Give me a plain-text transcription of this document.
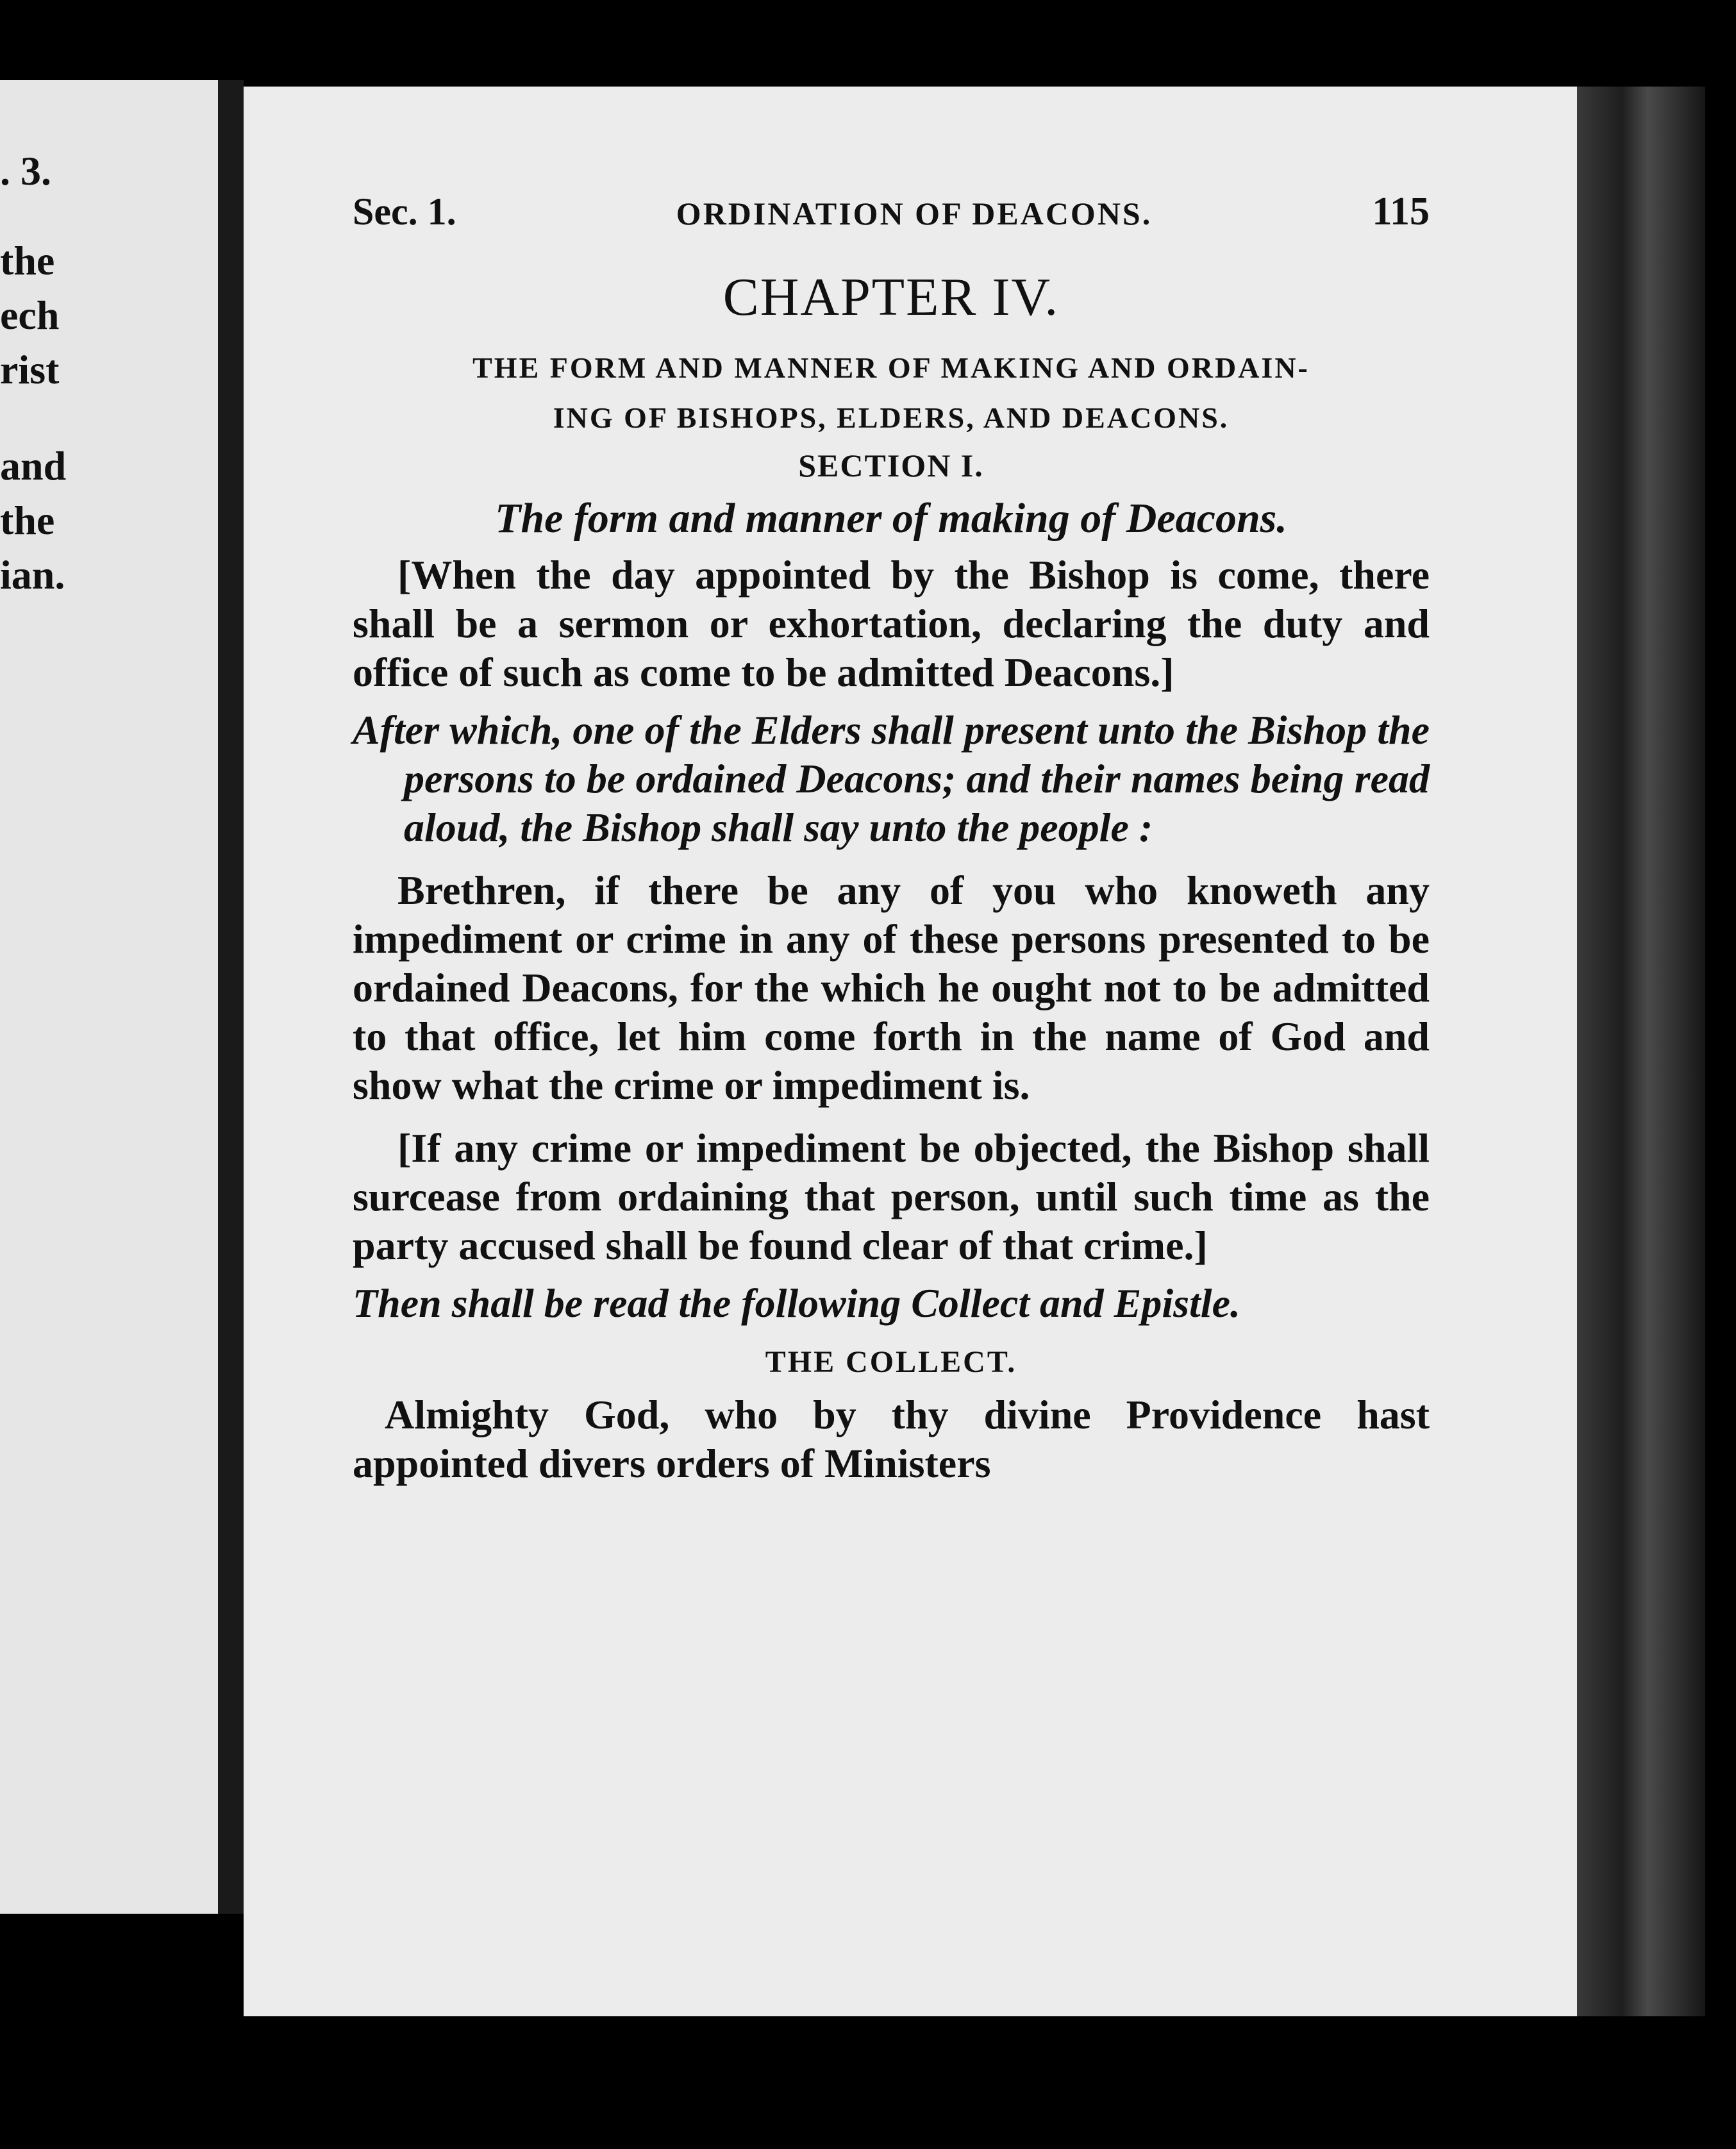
. 3.
the
ech
rist
and
the
ian.
Sec. 1.	ORDINATION OF DEACONS.	115
CHAPTER IV.
THE FORM AND MANNER OF MAKING AND ORDAIN-
ING OF BISHOPS, ELDERS, AND DEACONS.
SECTION I.
The form and manner of making of Deacons.

[When the day appointed by the Bishop is come, there shall be a sermon or exhortation, declaring the duty and office of such as come to be admitted Deacons.]

After which, one of the Elders shall present unto the Bishop the persons to be ordained Deacons; and their names being read aloud, the Bishop shall say unto the people :

Brethren, if there be any of you who knoweth any impediment or crime in any of these persons presented to be ordained Deacons, for the which he ought not to be admitted to that office, let him come forth in the name of God and show what the crime or impediment is.

[If any crime or impediment be objected, the Bishop shall surcease from ordaining that person, until such time as the party accused shall be found clear of that crime.]

Then shall be read the following Collect and Epistle.

THE COLLECT.

Almighty God, who by thy divine Providence hast appointed divers orders of Ministers
